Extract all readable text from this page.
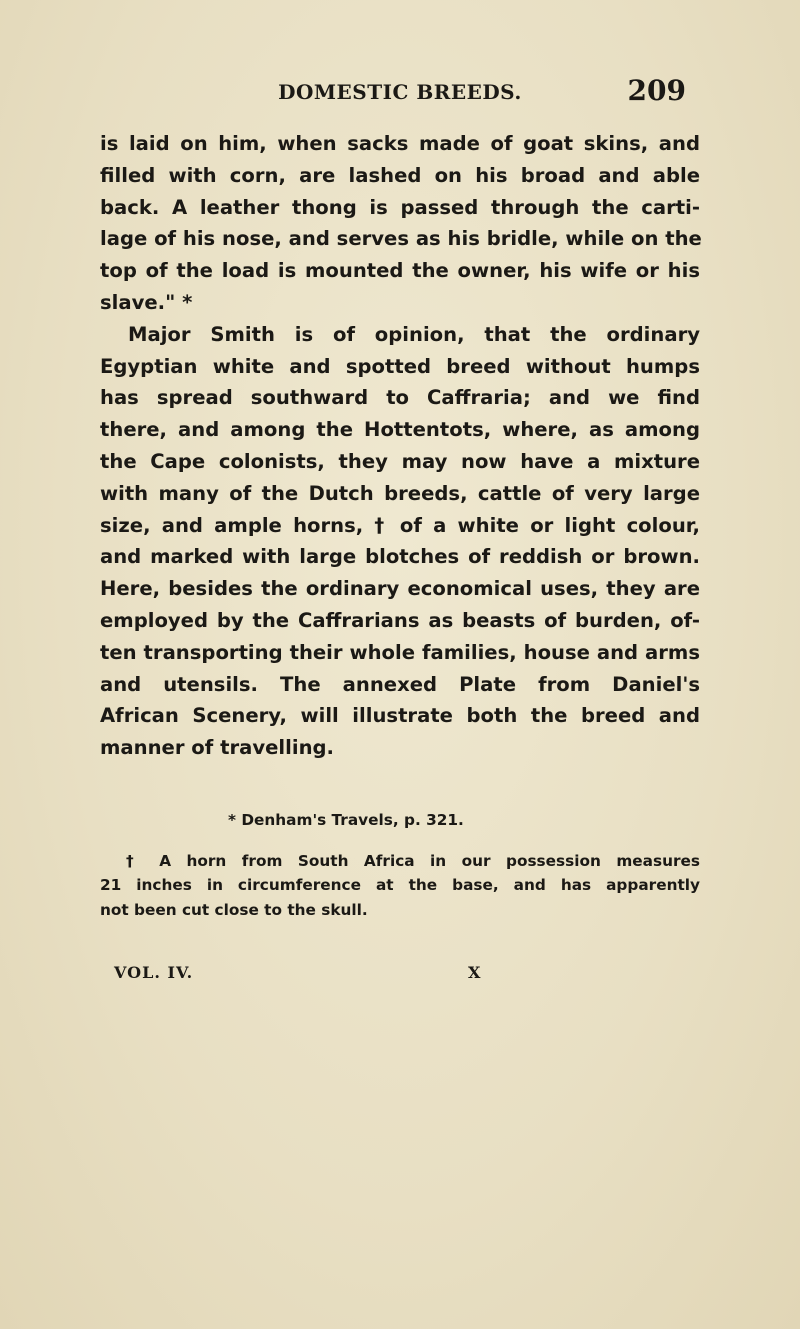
DOMESTIC BREEDS.	209
is laid on him, when sacks made of goat skins, and
filled with corn, are lashed on his broad and able
back. A leather thong is passed through the carti-
lage of his nose, and serves as his bridle, while on the
top of the load is mounted the owner, his wife or his
slave." *
Major Smith is of opinion, that the ordinary
Egyptian white and spotted breed without humps
has spread southward to Caffraria; and we find
there, and among the Hottentots, where, as among
the Cape colonists, they may now have a mixture
with many of the Dutch breeds, cattle of very large
size, and ample horns, † of a white or light colour,
and marked with large blotches of reddish or brown.
Here, besides the ordinary economical uses, they are
employed by the Caffrarians as beasts of burden, of-
ten transporting their whole families, house and arms
and utensils. The annexed Plate from Daniel's
African Scenery, will illustrate both the breed and
manner of travelling.
* Denham's Travels, p. 321.
† A horn from South Africa in our possession measures
21 inches in circumference at the base, and has apparently
not been cut close to the skull.
VOL. IV.	X
